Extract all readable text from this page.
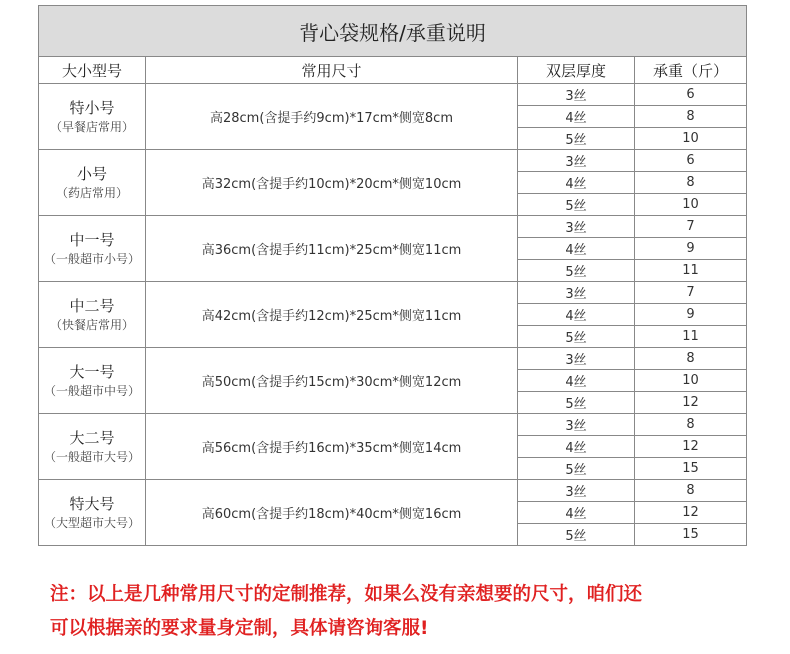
背心袋规格/承重说明			
大小型号	常用尺寸	双层厚度	承重（斤）

特小号
（早餐店常用）	高28cm(含提手约9cm)*17cm*侧宽8cm	3丝	6
		4丝	8
		5丝	10

小号
（药店常用）	高32cm(含提手约10cm)*20cm*侧宽10cm	3丝	6
		4丝	8
		5丝	10

中一号
（一般超市小号）	高36cm(含提手约11cm)*25cm*侧宽11cm	3丝	7
		4丝	9
		5丝	11

中二号
（快餐店常用）	高42cm(含提手约12cm)*25cm*侧宽11cm	3丝	7
		4丝	9
		5丝	11

大一号
（一般超市中号）	高50cm(含提手约15cm)*30cm*侧宽12cm	3丝	8
		4丝	10
		5丝	12

大二号
（一般超市大号）	高56cm(含提手约16cm)*35cm*侧宽14cm	3丝	8
		4丝	12
		5丝	15

特大号
（大型超市大号）	高60cm(含提手约18cm)*40cm*侧宽16cm	3丝	8
		4丝	12
		5丝	15

注：以上是几种常用尺寸的定制推荐，如果么没有亲想要的尺寸，咱们还
可以根据亲的要求量身定制，具体请咨询客服!
